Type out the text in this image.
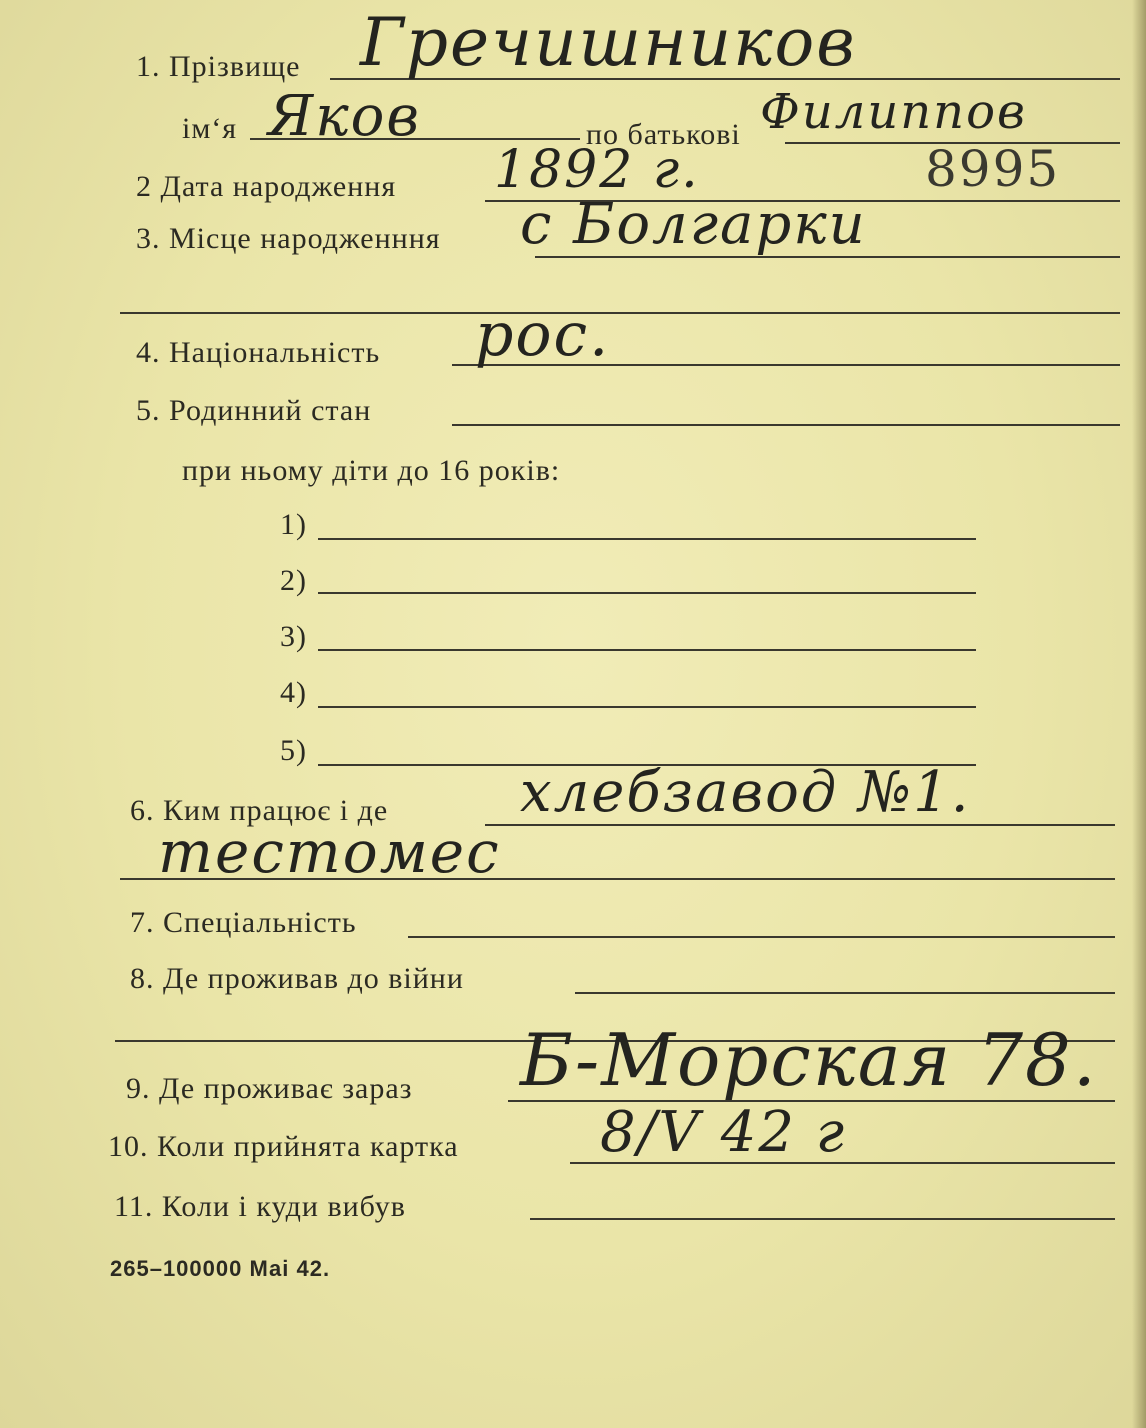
1. Прізвище Гречишников
ім‘я Яков	по батькові Филиппов
2 Дата народження 1892 г.	8995
3. Місце народженння с Болгарки
4. Національність рос.
5. Родинний стан
при ньому діти до 16 років:
1)
2)
3)
4)
5)
6. Ким працює і де хлебзавод №1.
тестомес
7. Спеціальність
8. Де проживав до війни
9. Де проживає зараз Б-Морская 78.
10. Коли прийнята картка	8/V 42 г
11. Коли і куди вибув
265–100000 Маі 42.
